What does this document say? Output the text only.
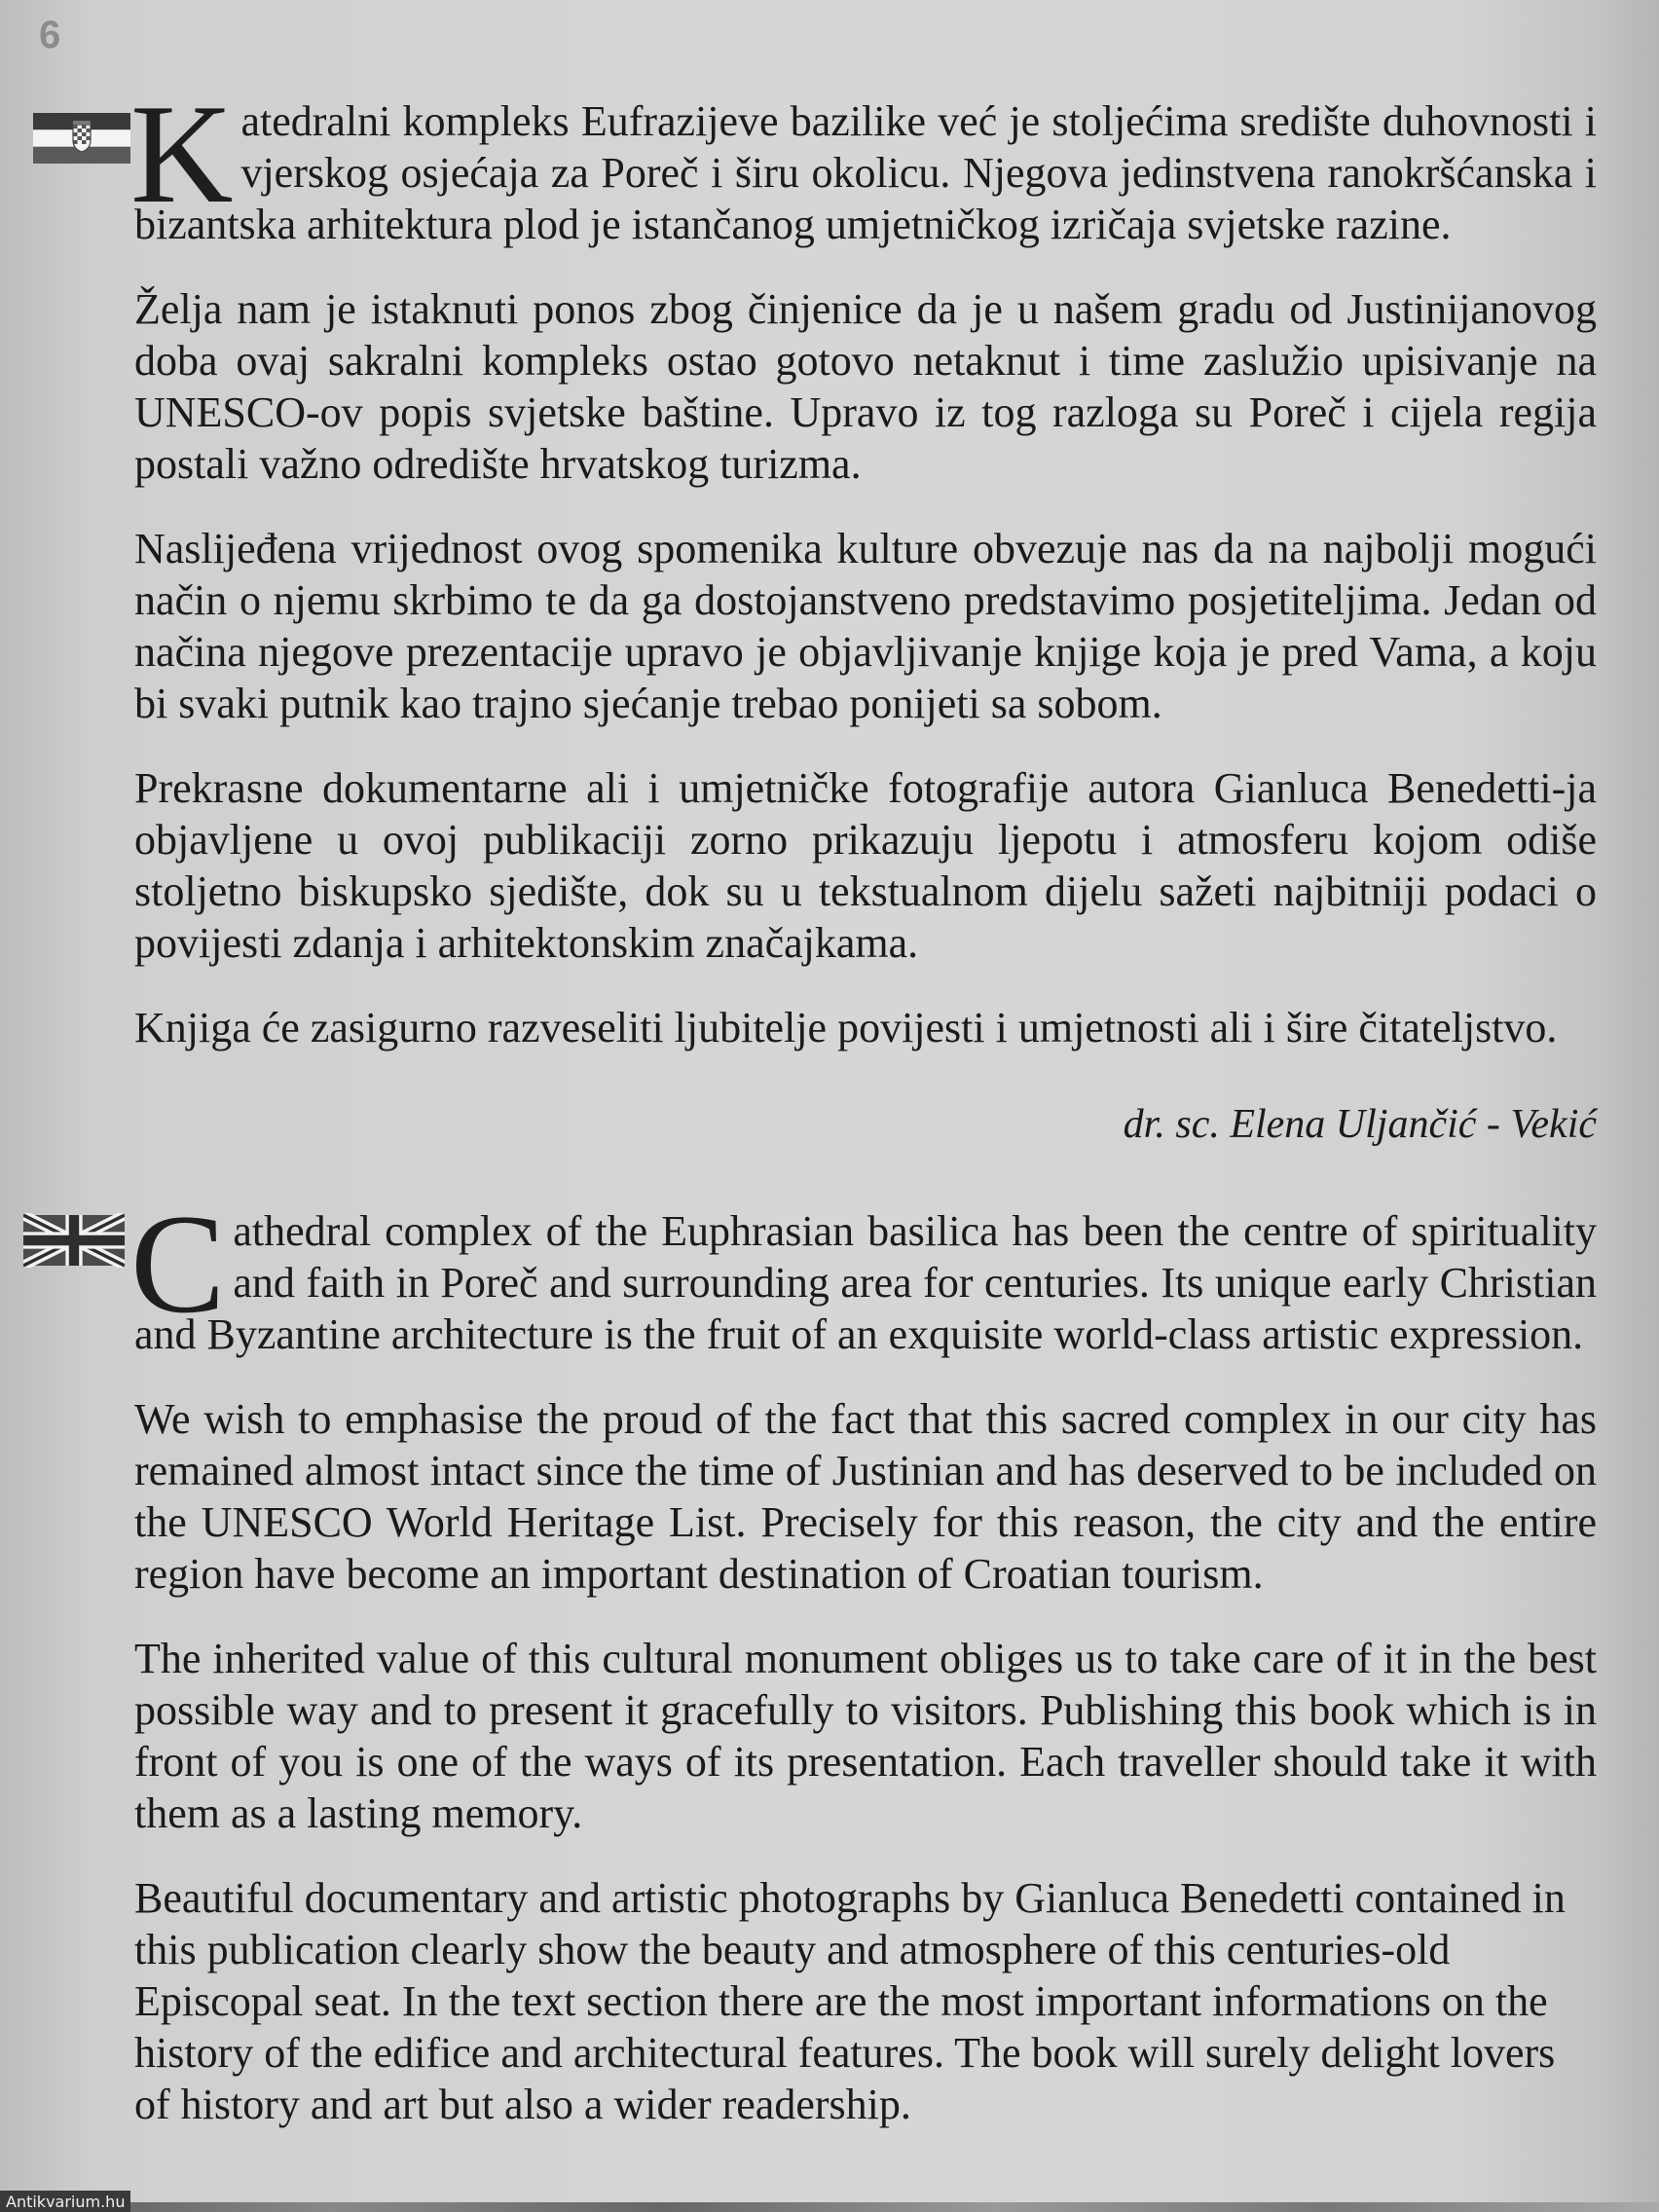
6

Katedralni kompleks Eufrazijeve bazilike već je stoljećima središte duhovnosti i vjerskog osjećaja za Poreč i širu okolicu. Njegova jedinstvena ranokršćanska i bizantska arhitektura plod je istančanog umjetničkog izričaja svjetske razine.

Želja nam je istaknuti ponos zbog činjenice da je u našem gradu od Justinijanovog doba ovaj sakralni kompleks ostao gotovo netaknut i time zaslužio upisivanje na UNESCO-ov popis svjetske baštine. Upravo iz tog razloga su Poreč i cijela regija postali važno odredište hrvatskog turizma.

Naslijeđena vrijednost ovog spomenika kulture obvezuje nas da na najbolji mogući način o njemu skrbimo te da ga dostojanstveno predstavimo posjetiteljima. Jedan od načina njegove prezentacije upravo je objavljivanje knjige koja je pred Vama, a koju bi svaki putnik kao trajno sjećanje trebao ponijeti sa sobom.

Prekrasne dokumentarne ali i umjetničke fotografije autora Gianluca Benedetti-ja objavljene u ovoj publikaciji zorno prikazuju ljepotu i atmosferu kojom odiše stoljetno biskupsko sjedište, dok su u tekstualnom dijelu sažeti najbitniji podaci o povijesti zdanja i arhitektonskim značajkama.

Knjiga će zasigurno razveseliti ljubitelje povijesti i umjetnosti ali i šire čitateljstvo.

dr. sc. Elena Uljančić - Vekić

Cathedral complex of the Euphrasian basilica has been the centre of spirituality and faith in Poreč and surrounding area for centuries. Its unique early Christian and Byzantine architecture is the fruit of an exquisite world-class artistic expression.

We wish to emphasise the proud of the fact that this sacred complex in our city has remained almost intact since the time of Justinian and has deserved to be included on the UNESCO World Heritage List. Precisely for this reason, the city and the entire region have become an important destination of Croatian tourism.

The inherited value of this cultural monument obliges us to take care of it in the best possible way and to present it gracefully to visitors. Publishing this book which is in front of you is one of the ways of its presentation. Each traveller should take it with them as a lasting memory.

Beautiful documentary and artistic photographs by Gianluca Benedetti contained in this publication clearly show the beauty and atmosphere of this centuries-old Episcopal seat. In the text section there are the most important informations on the history of the edifice and architectural features. The book will surely delight lovers of history and art but also a wider readership.

Antikvarium.hu
